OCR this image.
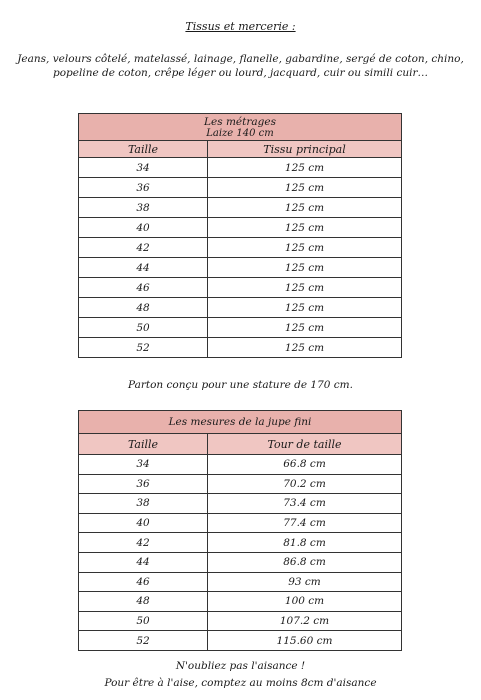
Tissus et mercerie :
Jeans, velours côtelé, matelassé, lainage, flanelle, gabardine, sergé de coton, chino, popeline de coton, crêpe léger ou lourd, jacquard, cuir ou simili cuir…
Les métrages
Laize 140 cm	

Taille	Tissu principal
34	125 cm
36	125 cm
38	125 cm
40	125 cm
42	125 cm
44	125 cm
46	125 cm
48	125 cm
50	125 cm
52	125 cm
Parton conçu pour une stature de 170 cm.
Les mesures de la jupe fini	
Taille	Tour de taille
34	66.8 cm
36	70.2 cm
38	73.4 cm
40	77.4 cm
42	81.8 cm
44	86.8 cm
46	93 cm
48	100 cm
50	107.2 cm
52	115.60 cm
N'oubliez pas l'aisance !
Pour être à l'aise, comptez au moins 8cm d'aisance
